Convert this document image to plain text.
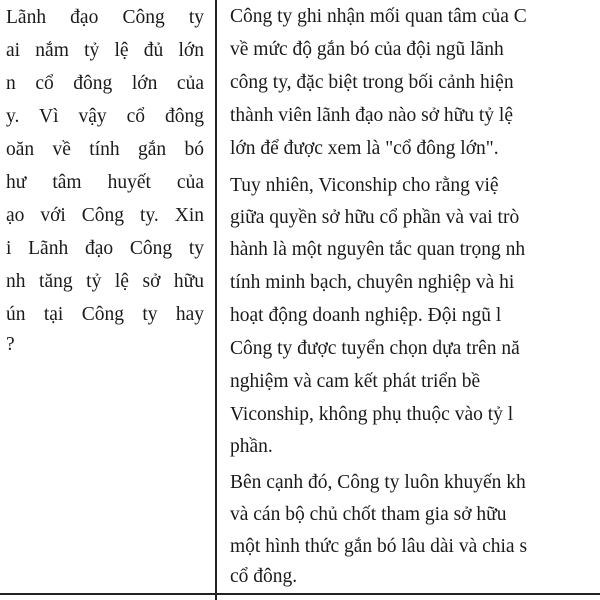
Lãnh đạo Công ty
ai nắm tỷ lệ đủ lớn
n cổ đông lớn của
y. Vì vậy cổ đông
oăn về tính gắn bó
hư tâm huyết của
ạo với Công ty. Xin
i Lãnh đạo Công ty
nh tăng tỷ lệ sở hữu
ún tại Công ty hay
?
Công ty ghi nhận mối quan tâm của C
về mức độ gắn bó của đội ngũ lãnh
công ty, đặc biệt trong bối cảnh hiện
thành viên lãnh đạo nào sở hữu tỷ lệ
lớn để được xem là "cổ đông lớn".
Tuy nhiên, Viconship cho rằng việ
giữa quyền sở hữu cổ phần và vai trò
hành là một nguyên tắc quan trọng nh
tính minh bạch, chuyên nghiệp và hi
hoạt động doanh nghiệp. Đội ngũ l
Công ty được tuyển chọn dựa trên nă
nghiệm và cam kết phát triển bề
Viconship, không phụ thuộc vào tỷ l
phần.
Bên cạnh đó, Công ty luôn khuyến kh
và cán bộ chủ chốt tham gia sở hữu
một hình thức gắn bó lâu dài và chia s
cổ đông.
